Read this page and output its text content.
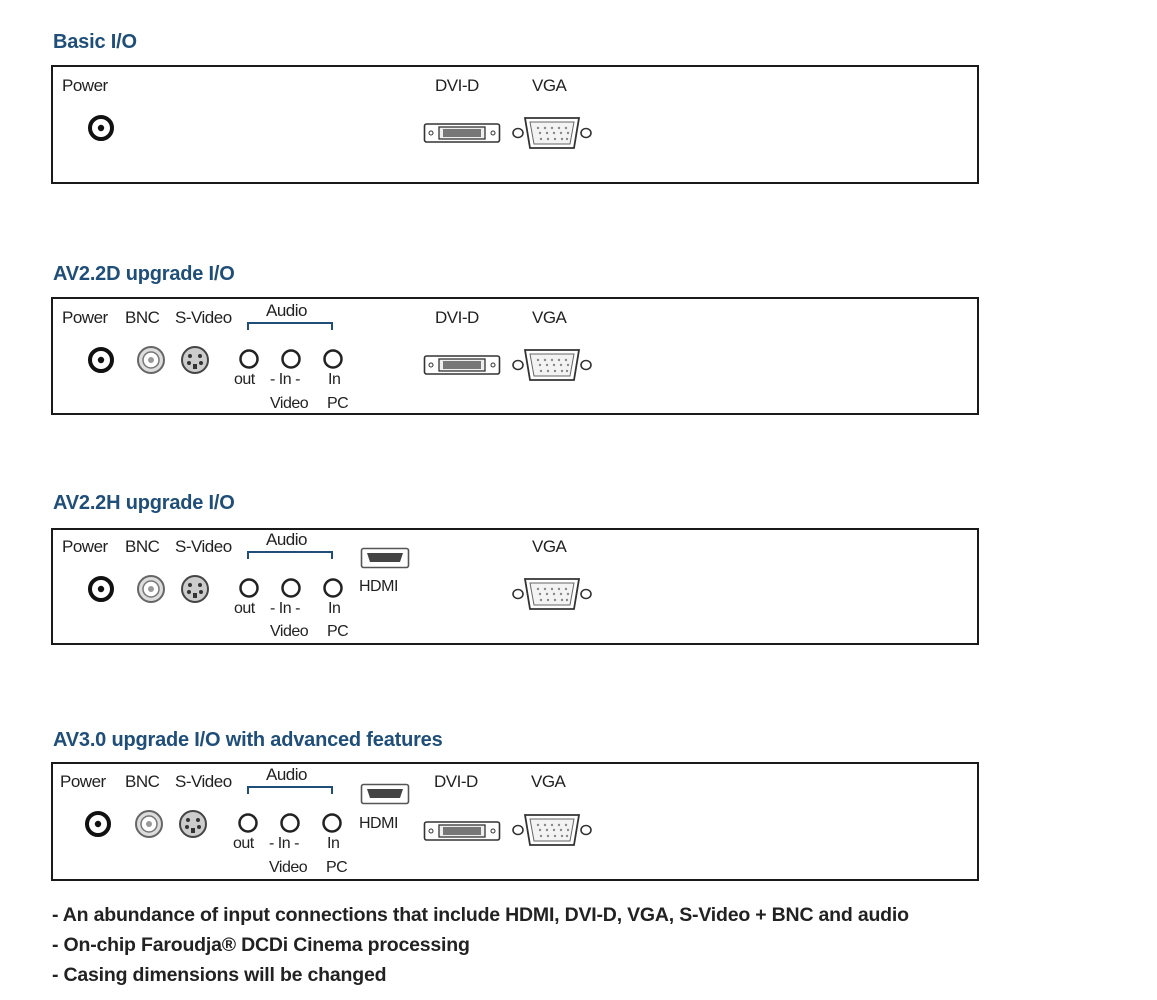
Basic I/O
Power	DVI-D	VGA
AV2.2D upgrade I/O
Power BNC S-Video Audio
out - In - In
Video PC
DVI-D	VGA
AV2.2H upgrade I/O
Power BNC S-Video Audio
out - In - In
Video PC
HDMI
VGA
AV3.0 upgrade I/O with advanced features
Power BNC S-Video Audio
out - In - In
Video PC
HDMI
DVI-D	VGA
- An abundance of input connections that include HDMI, DVI-D, VGA, S-Video + BNC and audio
- On-chip Faroudja® DCDi Cinema processing
- Casing dimensions will be changed
